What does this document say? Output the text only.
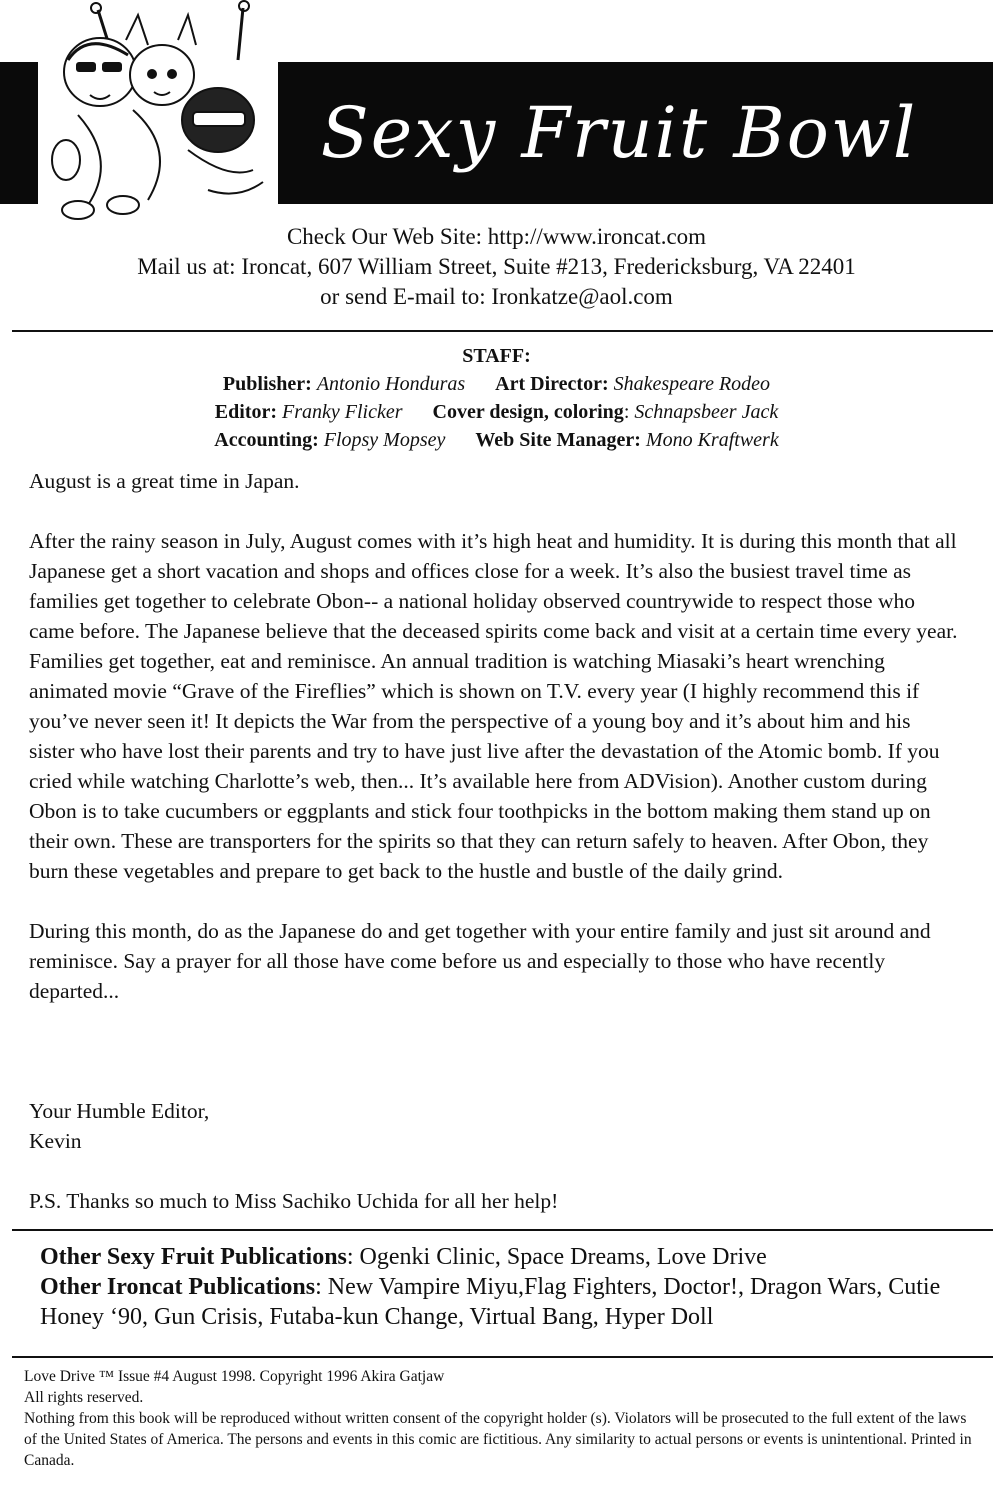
Sexy Fruit Bowl
Check Our Web Site: http://www.ironcat.com
Mail us at: Ironcat, 607 William Street, Suite #213, Fredericksburg, VA 22401
or send E-mail to: Ironkatze@aol.com
STAFF:
Publisher: Antonio Honduras Art Director: Shakespeare Rodeo
Editor: Franky Flicker Cover design, coloring: Schnapsbeer Jack
Accounting: Flopsy Mopsey Web Site Manager: Mono Kraftwerk

August is a great time in Japan.

After the rainy season in July, August comes with it’s high heat and humidity. It is during this month that all Japanese get a short vacation and shops and offices close for a week. It’s also the busiest travel time as families get together to celebrate Obon-- a national holiday observed countrywide to respect those who came before. The Japanese believe that the deceased spirits come back and visit at a certain time every year. Families get together, eat and reminisce. An annual tradition is watching Miasaki’s heart wrenching animated movie “Grave of the Fireflies” which is shown on T.V. every year (I highly recommend this if you’ve never seen it! It depicts the War from the perspective of a young boy and it’s about him and his sister who have lost their parents and try to have just live after the devastation of the Atomic bomb. If you cried while watching Charlotte’s web, then... It’s available here from ADVision). Another custom during Obon is to take cucumbers or eggplants and stick four toothpicks in the bottom making them stand up on their own. These are transporters for the spirits so that they can return safely to heaven. After Obon, they burn these vegetables and prepare to get back to the hustle and bustle of the daily grind.

During this month, do as the Japanese do and get together with your entire family and just sit around and reminisce. Say a prayer for all those have come before us and especially to those who have recently departed...

Your Humble Editor,

Kevin

P.S. Thanks so much to Miss Sachiko Uchida for all her help!
Other Sexy Fruit Publications: Ogenki Clinic, Space Dreams, Love Drive
Other Ironcat Publications: New Vampire Miyu,Flag Fighters, Doctor!, Dragon Wars, Cutie Honey ‘90, Gun Crisis, Futaba-kun Change, Virtual Bang, Hyper Doll
Love Drive ™ Issue #4 August 1998. Copyright 1996 Akira Gatjaw
All rights reserved.
Nothing from this book will be reproduced without written consent of the copyright holder (s). Violators will be prosecuted to the full extent of the laws of the United States of America. The persons and events in this comic are fictitious. Any similarity to actual persons or events is unintentional. Printed in Canada.
